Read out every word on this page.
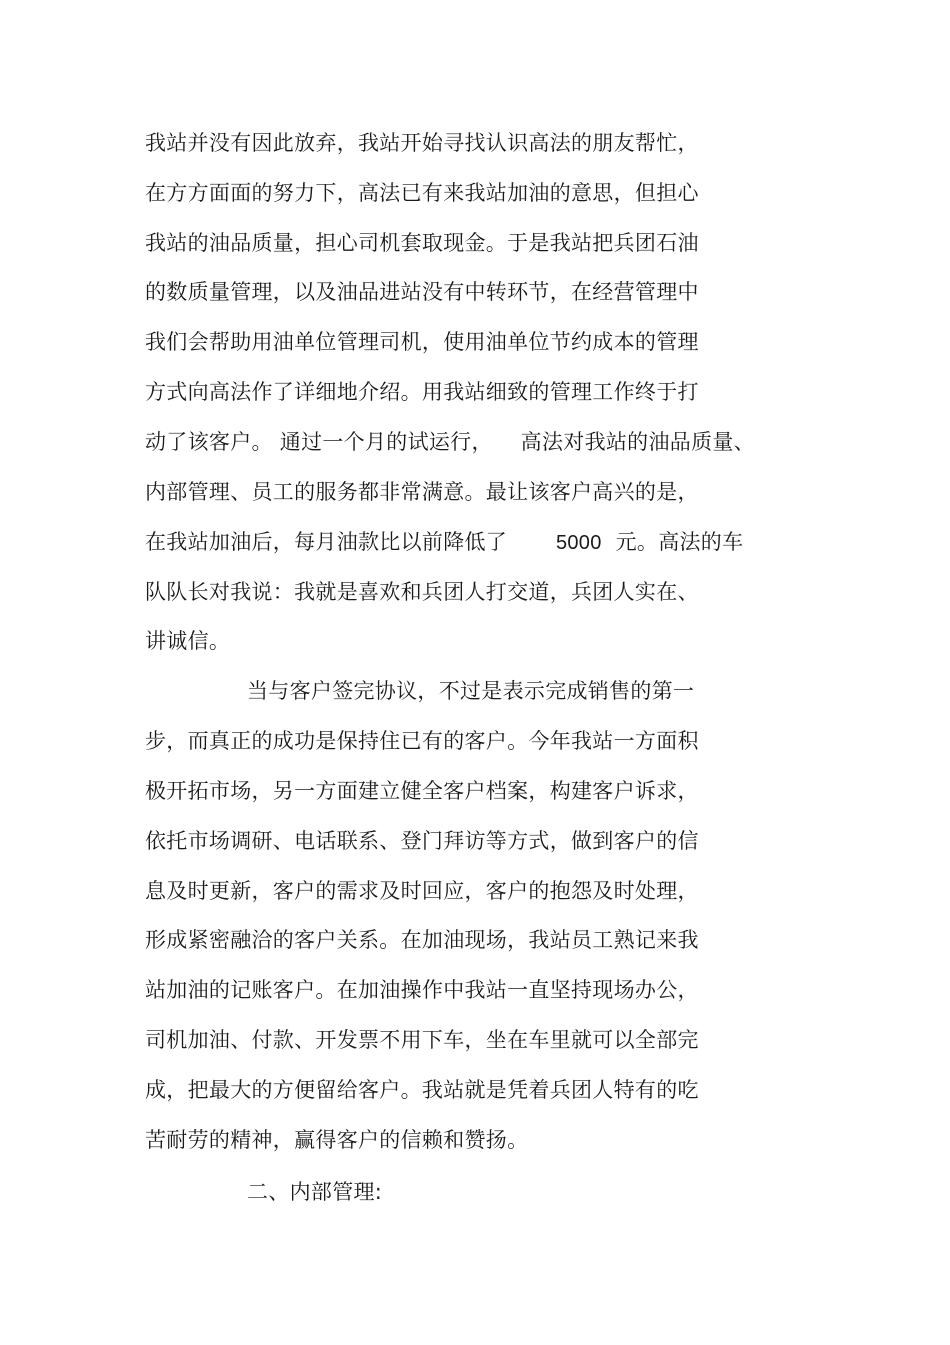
我站并没有因此放弃，我站开始寻找认识高法的朋友帮忙，
在方方面面的努力下，高法已有来我站加油的意思，但担心
我站的油品质量，担心司机套取现金。于是我站把兵团石油
的数质量管理，以及油品进站没有中转环节，在经营管理中
我们会帮助用油单位管理司机，使用油单位节约成本的管理
方式向高法作了详细地介绍。用我站细致的管理工作终于打
动了该客户。 通过一个月的试运行，    高法对我站的油品质量、
内部管理、员工的服务都非常满意。最让该客户高兴的是，
在我站加油后，每月油款比以前降低了       5000  元。高法的车
队队长对我说：我就是喜欢和兵团人打交道，兵团人实在、
讲诚信。
当与客户签完协议，不过是表示完成销售的第一
步，而真正的成功是保持住已有的客户。今年我站一方面积
极开拓市场，另一方面建立健全客户档案，构建客户诉求，
依托市场调研、电话联系、登门拜访等方式，做到客户的信
息及时更新，客户的需求及时回应，客户的抱怨及时处理，
形成紧密融洽的客户关系。在加油现场，我站员工熟记来我
站加油的记账客户。在加油操作中我站一直坚持现场办公，
司机加油、付款、开发票不用下车，坐在车里就可以全部完
成，把最大的方便留给客户。我站就是凭着兵团人特有的吃
苦耐劳的精神，赢得客户的信赖和赞扬。
二、内部管理:
